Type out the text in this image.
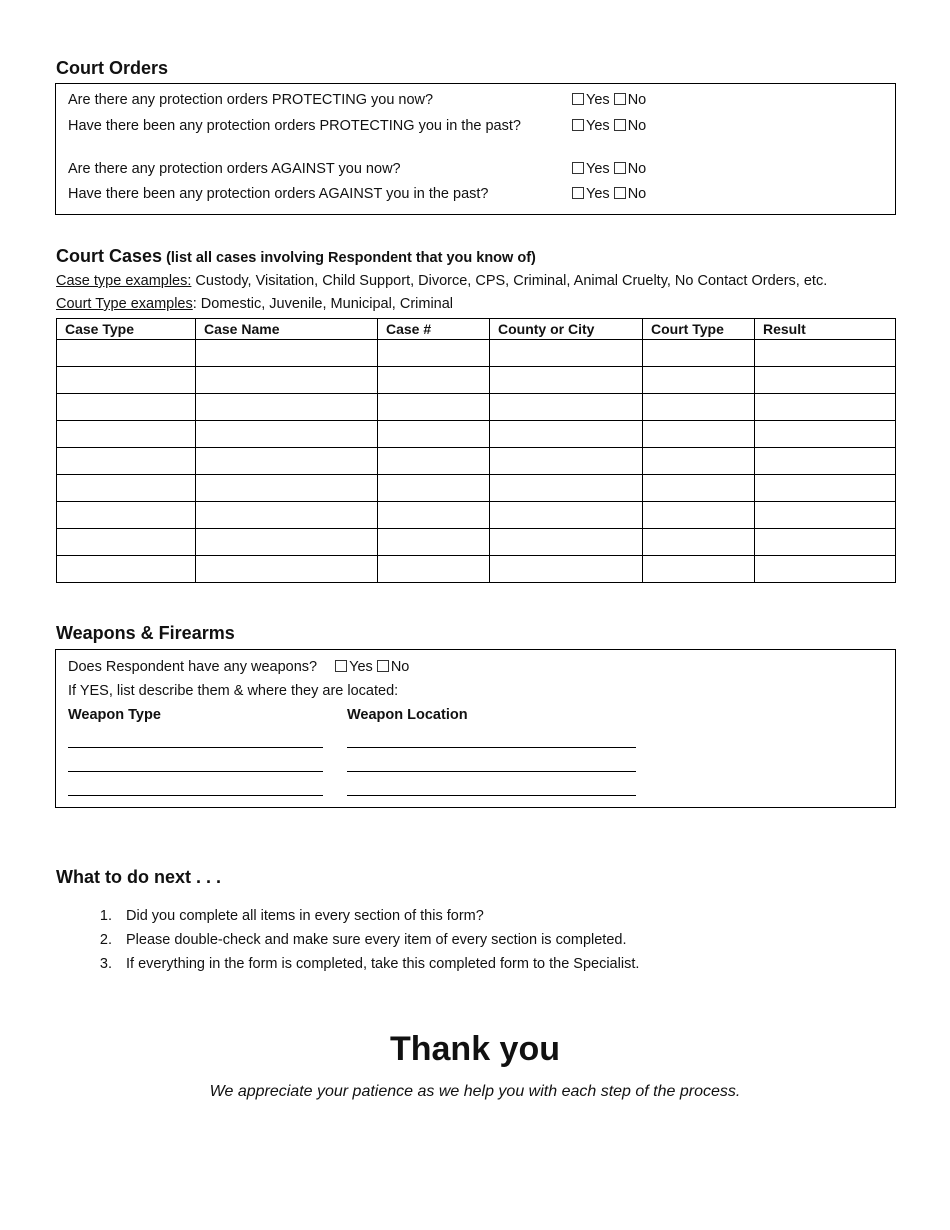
Court Orders
Are there any protection orders PROTECTING you now?	Yes No
Have there been any protection orders PROTECTING you in the past?	Yes No
Are there any protection orders AGAINST you now?	Yes No
Have there been any protection orders AGAINST you in the past?	Yes No
Court Cases (list all cases involving Respondent that you know of)
Case type examples: Custody, Visitation, Child Support, Divorce, CPS, Criminal, Animal Cruelty, No Contact Orders, etc.
Court Type examples: Domestic, Juvenile, Municipal, Criminal
Case Type	Case Name	Case #	County or City	Court Type	Result

Weapons & Firearms
Does Respondent have any weapons? Yes No
If YES, list describe them & where they are located:
Weapon Type	Weapon Location
What to do next . . .
1. Did you complete all items in every section of this form?
2. Please double-check and make sure every item of every section is completed.
3. If everything in the form is completed, take this completed form to the Specialist.
Thank you
We appreciate your patience as we help you with each step of the process.
